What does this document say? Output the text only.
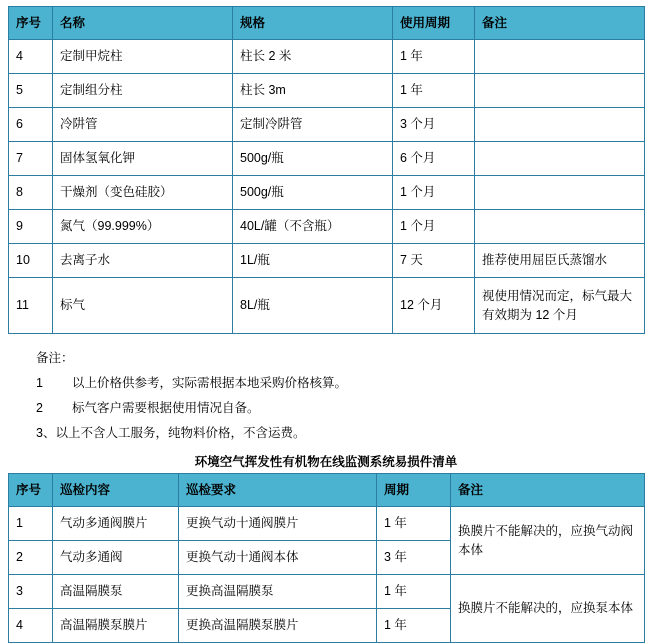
序号	名称	规格	使用周期	备注
4	定制甲烷柱	柱长 2 米	1 年	
5	定制组分柱	柱长 3m	1 年	
6	冷阱管	定制冷阱管	3 个月	
7	固体氢氧化钾	500g/瓶	6 个月	
8	干燥剂（变色硅胶）	500g/瓶	1 个月	
9	氮气（99.999%）	40L/罐（不含瓶）	1 个月	
10	去离子水	1L/瓶	7 天	推荐使用屈臣氏蒸馏水
11	标气	8L/瓶	12 个月	视使用情况而定，标气最大有效期为 12 个月
备注：
1	以上价格供参考，实际需根据本地采购价格核算。
2	标气客户需要根据使用情况自备。
3、以上不含人工服务，纯物料价格，不含运费。
环境空气挥发性有机物在线监测系统易损件清单
序号	巡检内容	巡检要求	周期	备注
1	气动多通阀膜片	更换气动十通阀膜片	1 年	换膜片不能解决的，应换气动阀本体
2	气动多通阀	更换气动十通阀本体	3 年	
3	高温隔膜泵	更换高温隔膜泵	1 年	换膜片不能解决的，应换泵本体
4	高温隔膜泵膜片	更换高温隔膜泵膜片	1 年	
